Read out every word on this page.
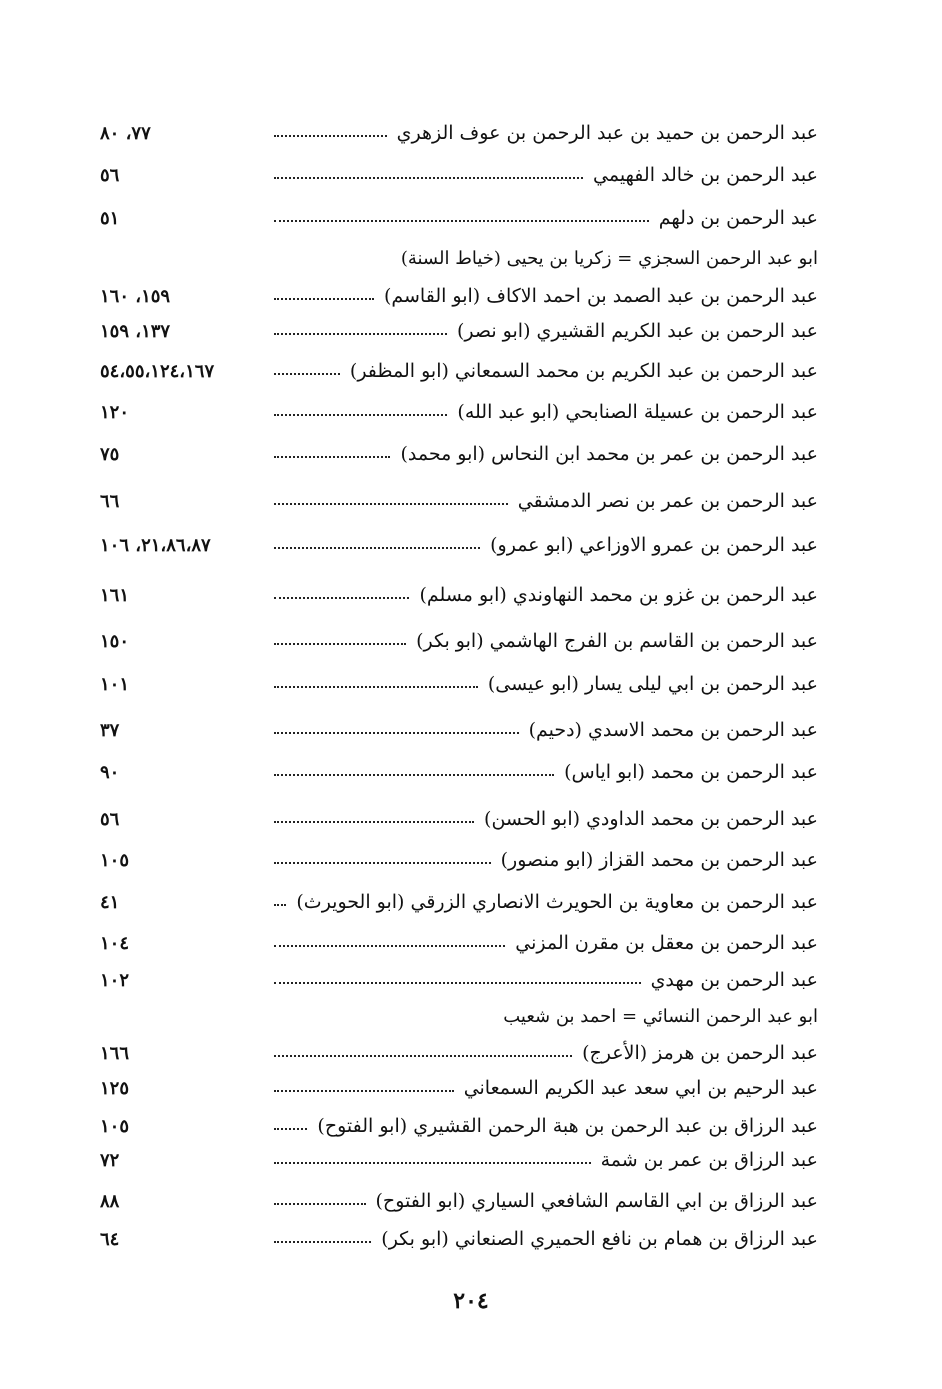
عبد الرحمن بن حميد بن عبد الرحمن بن عوف الزهري
٧٧، ٨٠
عبد الرحمن بن خالد الفهيمي
٥٦
عبد الرحمن بن دلهم
٥١
ابو عبد الرحمن السجزي = زكريا بن يحيى (خياط السنة)
عبد الرحمن بن عبد الصمد بن احمد الاكاف (ابو القاسم)
١٥٩، ١٦٠
عبد الرحمن بن عبد الكريم القشيري (ابو نصر)
١٣٧، ١٥٩
عبد الرحمن بن عبد الكريم بن محمد السمعاني (ابو المظفر)
٥٤،٥٥،١٢٤،١٦٧
عبد الرحمن بن عسيلة الصنابحي (ابو عبد الله)
١٢٠
عبد الرحمن بن عمر بن محمد ابن النحاس (ابو محمد)
٧٥
عبد الرحمن بن عمر بن نصر الدمشقي
٦٦
عبد الرحمن بن عمرو الاوزاعي (ابو عمرو)
٢١،٨٦،٨٧، ١٠٦
عبد الرحمن بن غزو بن محمد النهاوندي (ابو مسلم)
١٦١
عبد الرحمن بن القاسم بن الفرج الهاشمي (ابو بكر)
١٥٠
عبد الرحمن بن ابي ليلى يسار (ابو عيسى)
١٠١
عبد الرحمن بن محمد الاسدي (دحيم)
٣٧
عبد الرحمن بن محمد (ابو اياس)
٩٠
عبد الرحمن بن محمد الداودي (ابو الحسن)
٥٦
عبد الرحمن بن محمد القزاز (ابو منصور)
١٠٥
عبد الرحمن بن معاوية بن الحويرث الانصاري الزرقي (ابو الحويرث)
٤١
عبد الرحمن بن معقل بن مقرن المزني
١٠٤
عبد الرحمن بن مهدي
١٠٢
ابو عبد الرحمن النسائي = احمد بن شعيب
عبد الرحمن بن هرمز (الأعرج)
١٦٦
عبد الرحيم بن ابي سعد عبد الكريم السمعاني
١٢٥
عبد الرزاق بن عبد الرحمن بن هبة الرحمن القشيري (ابو الفتوح)
١٠٥
عبد الرزاق بن عمر بن شمة
٧٢
عبد الرزاق بن ابي القاسم الشافعي السياري (ابو الفتوح)
٨٨
عبد الرزاق بن همام بن نافع الحميري الصنعاني (ابو بكر)
٦٤
٢٠٤
